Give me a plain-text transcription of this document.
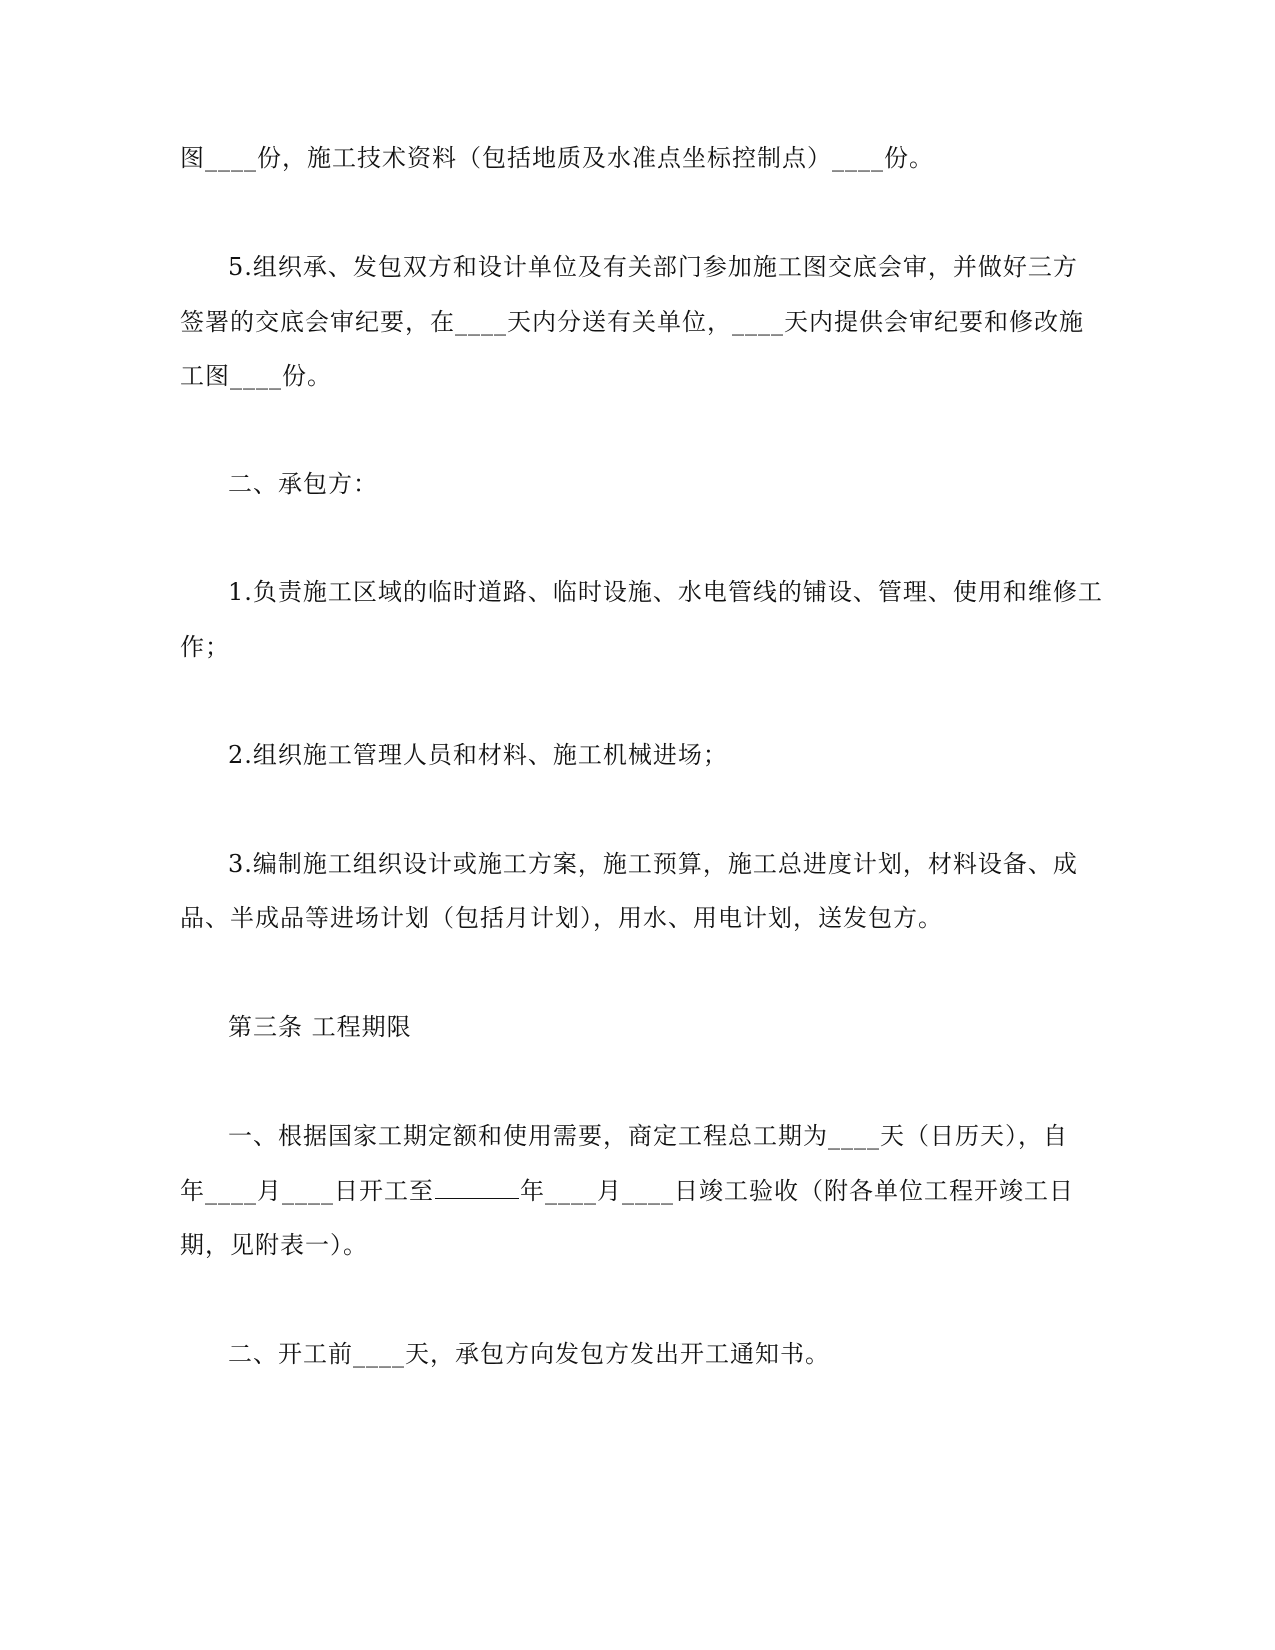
图____份，施工技术资料（包括地质及水准点坐标控制点）____份。
5.组织承、发包双方和设计单位及有关部门参加施工图交底会审，并做好三方
签署的交底会审纪要，在____天内分送有关单位，____天内提供会审纪要和修改施
工图____份。
二、承包方：
1.负责施工区域的临时道路、临时设施、水电管线的铺设、管理、使用和维修工
作；
2.组织施工管理人员和材料、施工机械进场；
3.编制施工组织设计或施工方案，施工预算，施工总进度计划，材料设备、成
品、半成品等进场计划（包括月计划），用水、用电计划，送发包方。
第三条 工程期限
一、根据国家工期定额和使用需要，商定工程总工期为____天（日历天），自
年____月____日开工至	年____月____日竣工验收（附各单位工程开竣工日
期，见附表一）。
二、开工前____天，承包方向发包方发出开工通知书。
